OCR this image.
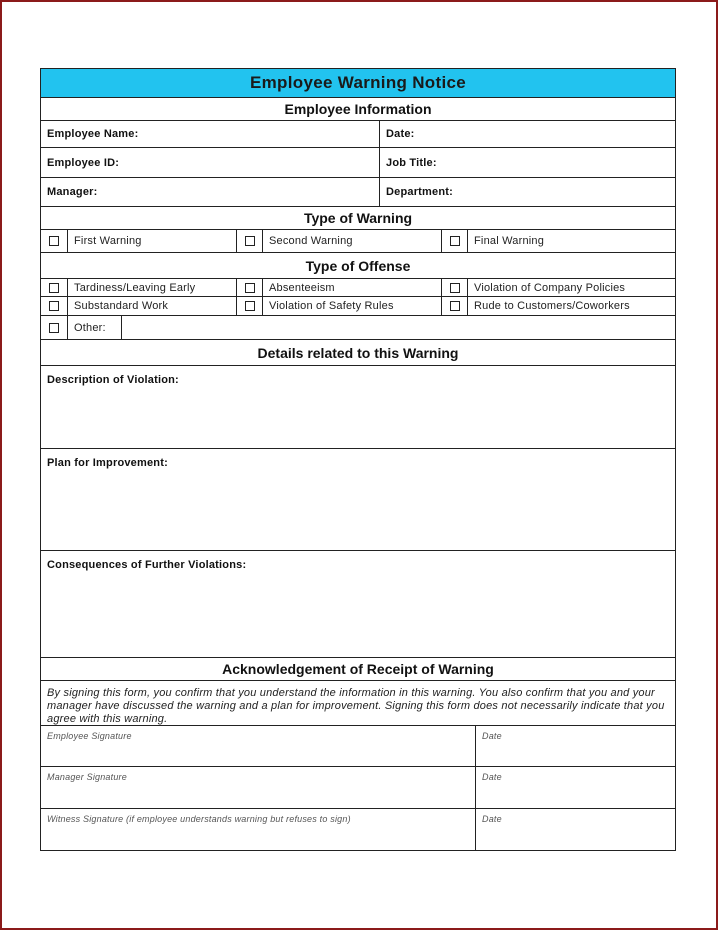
Employee Warning Notice
Employee Information
Employee Name:	Date:
Employee ID:	Job Title:
Manager:	Department:
Type of Warning
First Warning	Second Warning	Final Warning
Type of Offense
Tardiness/Leaving Early	Absenteeism	Violation of Company Policies
Substandard Work	Violation of Safety Rules	Rude to Customers/Coworkers
Other:
Details related to this Warning
Description of Violation:
Plan for Improvement:
Consequences of Further Violations:
Acknowledgement of Receipt of Warning
By signing this form, you confirm that you understand the information in this warning. You also confirm that you and your manager have discussed the warning and a plan for improvement. Signing this form does not necessarily indicate that you agree with this warning.
Employee Signature	Date
Manager Signature	Date
Witness Signature (if employee understands warning but refuses to sign)	Date
